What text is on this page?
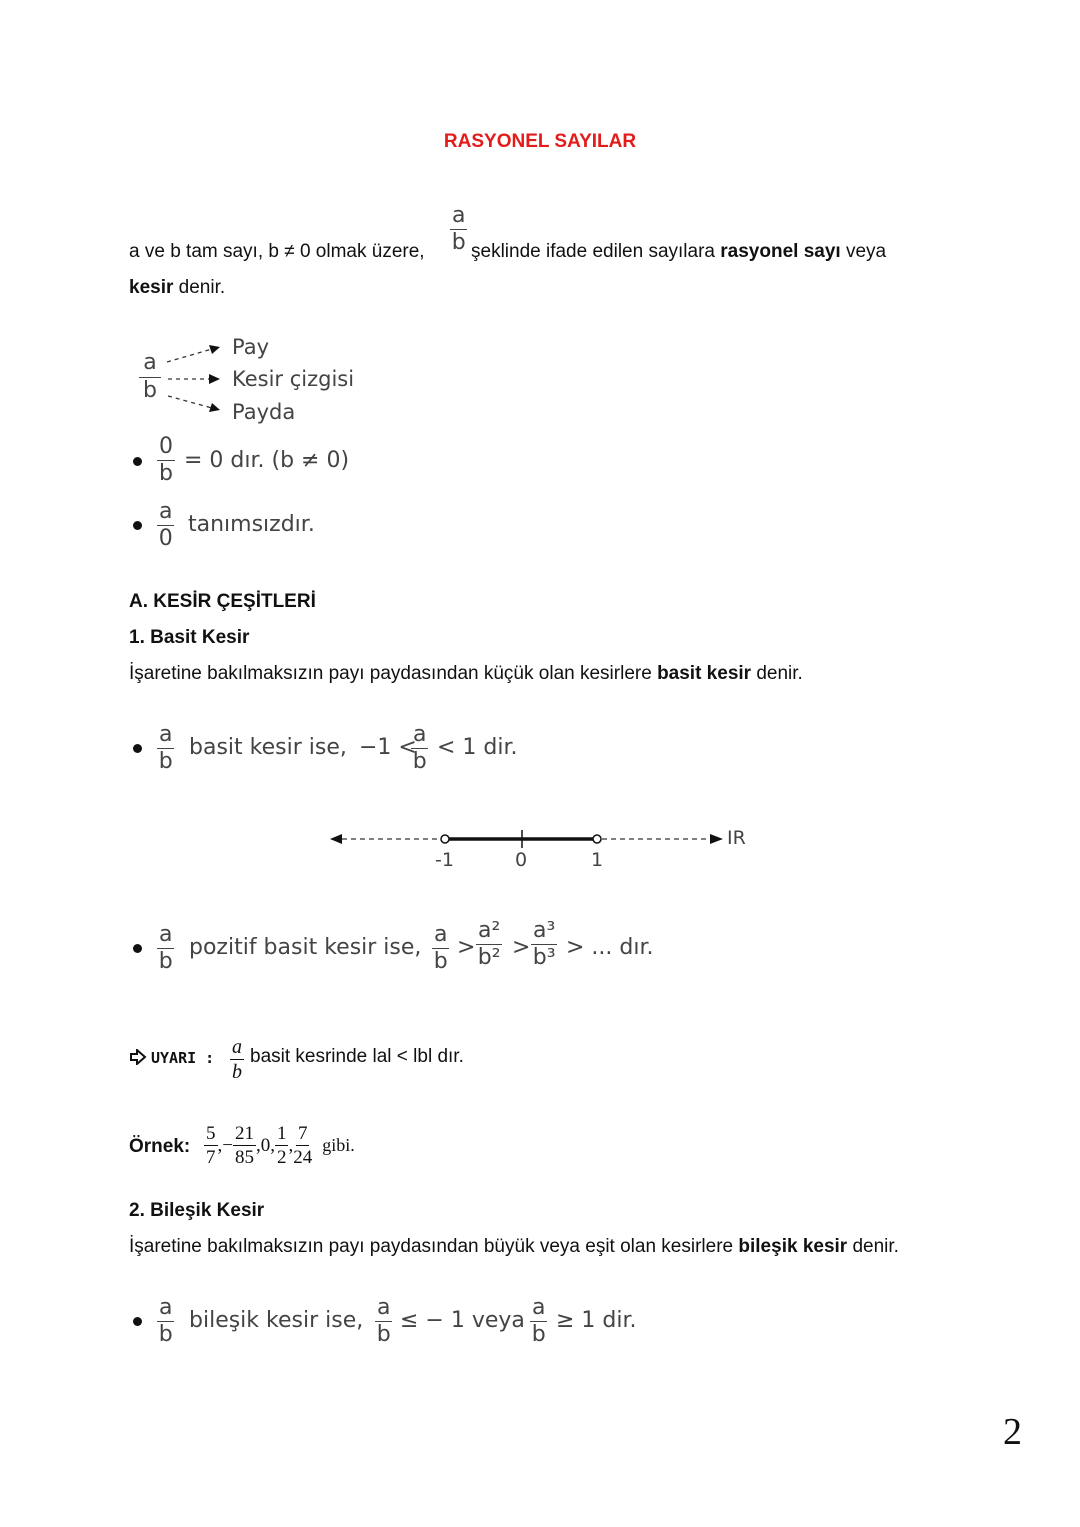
RASYONEL SAYILAR
a ve b tam sayı, b ≠ 0 olmak üzere, $\frac{a}{b}$ şeklinde ifade edilen sayılara rasyonel sayı veya
kesir denir.
$\frac{a}{b}$
Pay
Kesir çizgisi
Payda
$\frac{0}{b} = 0$ dır. (b ≠ 0)
$\frac{a}{0}$ tanımsızdır.
A. KESİR ÇEŞİTLERİ
1. Basit Kesir
İşaretine bakılmaksızın payı paydasından küçük olan kesirlere basit kesir denir.
$\frac{a}{b}$ basit kesir ise, −1 <
$\frac{a}{b} < 1$ dir.
-1	0	1
IR
$\frac{a}{b}$ pozitif basit kesir ise, $\frac{a}{b} > \frac{\text{a²}}{\text{b²}} > \frac{\text{a³}}{\text{b³}}$ > ... dır.
UYARI : $\frac{a}{b}$ basit kesrinde lal < lbl dır.
Örnek: $\frac{5}{7}$ ,− $\frac{21}{85} ,0$, $\frac{1}{2}$ , $\frac{7}{24}$ gibi.
2. Bileşik Kesir
İşaretine bakılmaksızın payı paydasından büyük veya eşit olan kesirlere bileşik kesir denir.
$\frac{a}{b}$ bileşik kesir ise, $\frac{a}{b}$ ≤ − 1 veya $\frac{a}{b} \ge 1$ dir.
2
